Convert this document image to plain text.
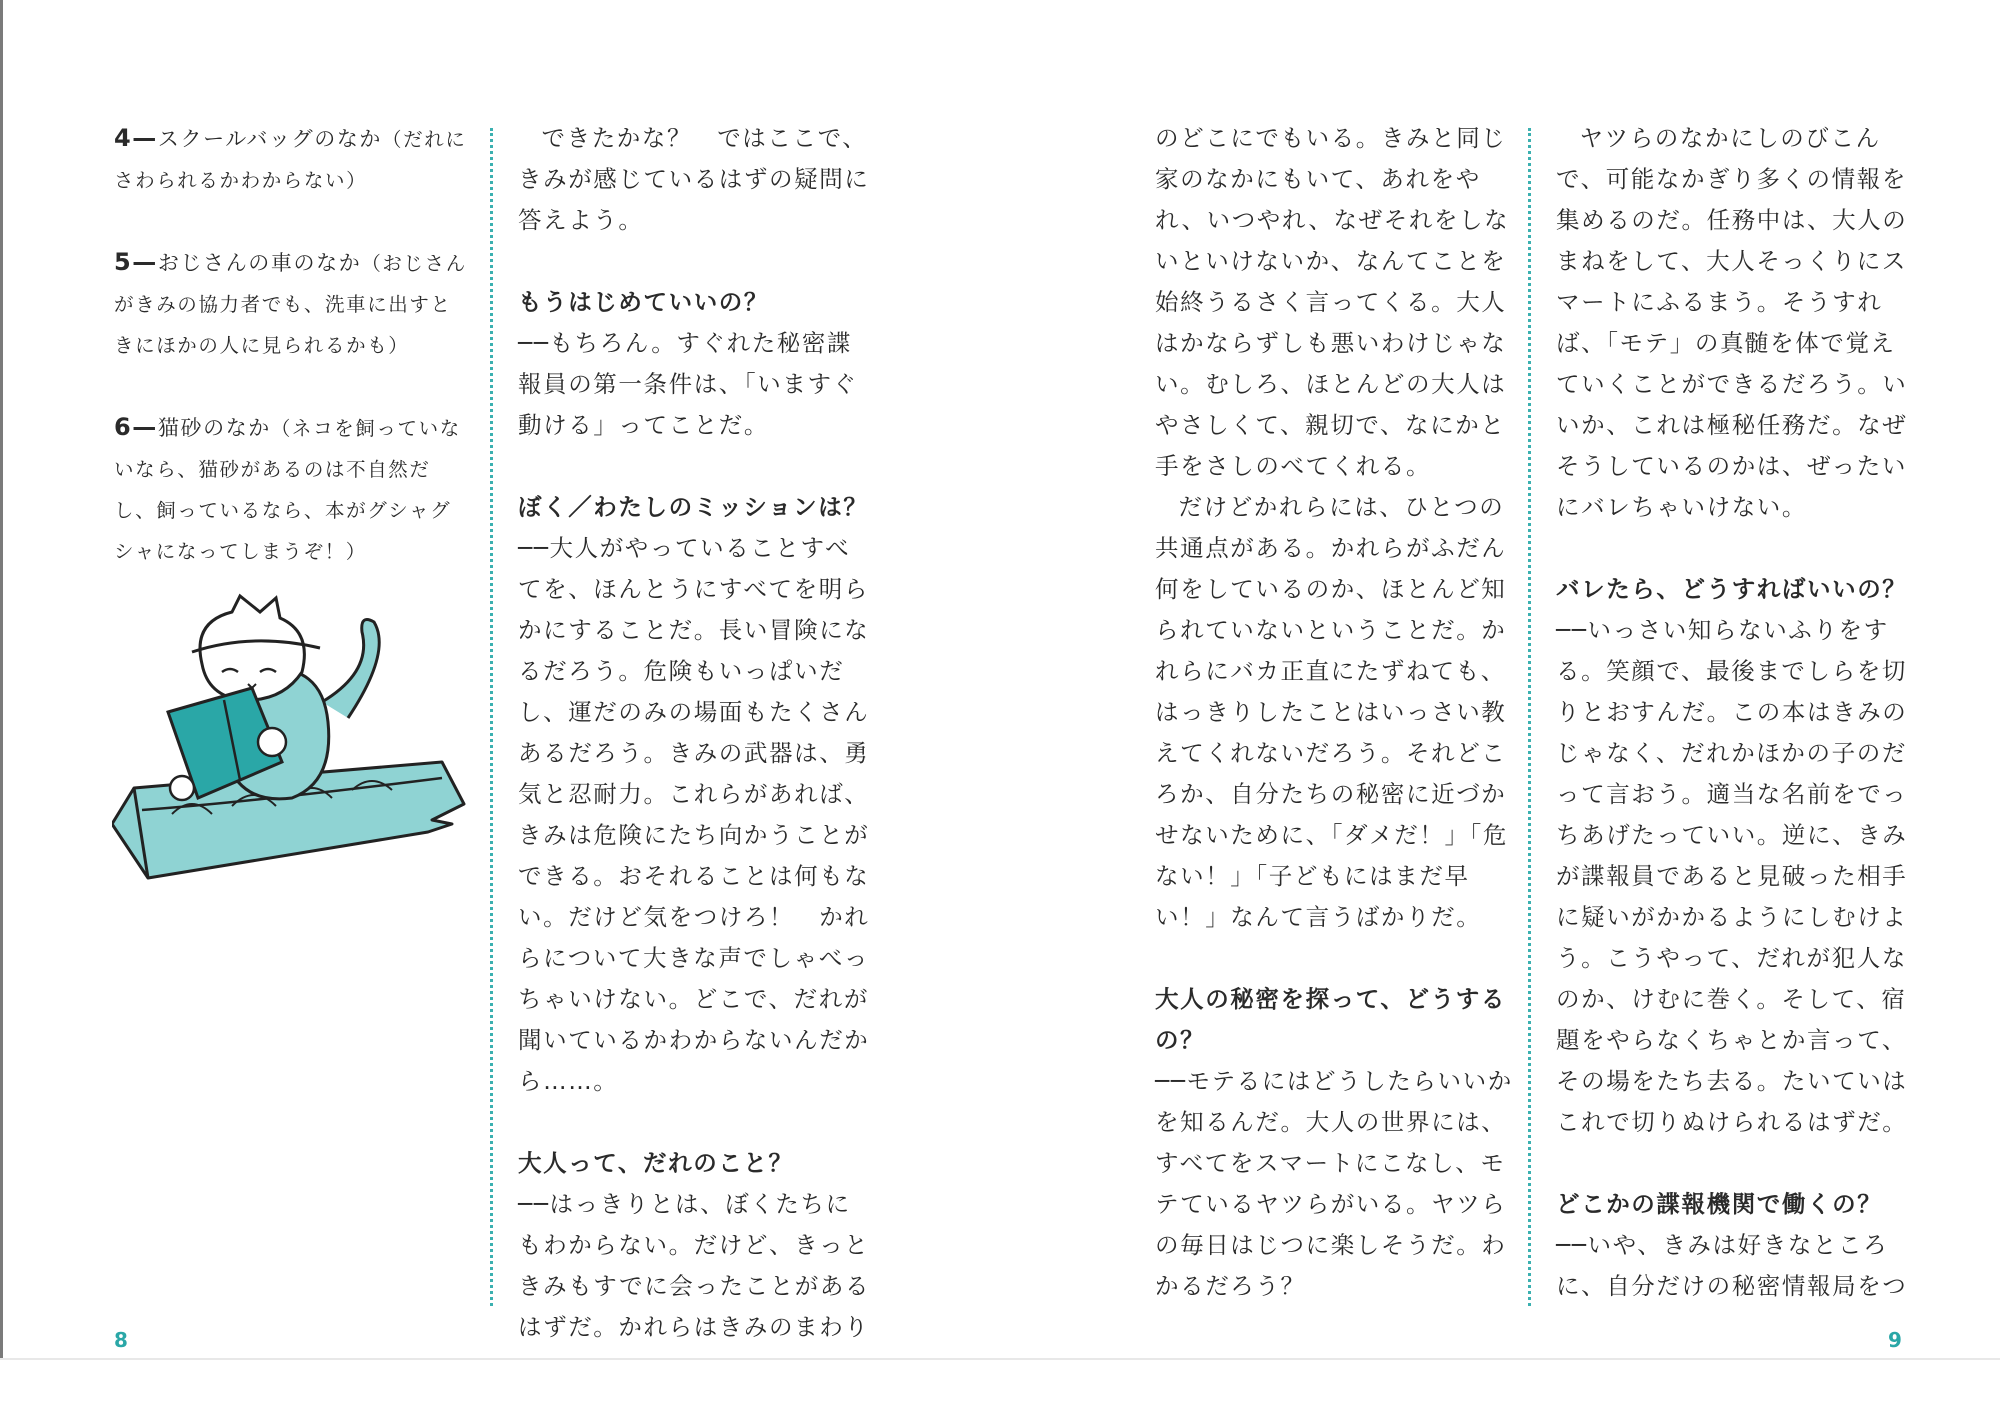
4—スクールバッグのなか（だれにさわられるかわからない）

5—おじさんの車のなか（おじさんがきみの協力者でも、洗車に出すときにほかの人に見られるかも）

6—猫砂のなか（ネコを飼っていないなら、猫砂があるのは不自然だし、飼っているなら、本がグシャグシャになってしまうぞ！）

できたかな？　ではここで、きみが感じているはずの疑問に答えよう。

もうはじめていいの？

──もちろん。すぐれた秘密諜報員の第一条件は、「いますぐ動ける」ってことだ。

ぼく／わたしのミッションは？

──大人がやっていることすべてを、ほんとうにすべてを明らかにすることだ。長い冒険になるだろう。危険もいっぱいだし、運だのみの場面もたくさんあるだろう。きみの武器は、勇気と忍耐力。これらがあれば、きみは危険にたち向かうことができる。おそれることは何もない。だけど気をつけろ！　かれらについて大きな声でしゃべっちゃいけない。どこで、だれが聞いているかわからないんだから……。

大人って、だれのこと？

──はっきりとは、ぼくたちにもわからない。だけど、きっときみもすでに会ったことがあるはずだ。かれらはきみのまわり

8

のどこにでもいる。きみと同じ家のなかにもいて、あれをやれ、いつやれ、なぜそれをしないといけないか、なんてことを始終うるさく言ってくる。大人はかならずしも悪いわけじゃない。むしろ、ほとんどの大人はやさしくて、親切で、なにかと手をさしのべてくれる。

だけどかれらには、ひとつの共通点がある。かれらがふだん何をしているのか、ほとんど知られていないということだ。かれらにバカ正直にたずねても、はっきりしたことはいっさい教えてくれないだろう。それどころか、自分たちの秘密に近づかせないために、「ダメだ！」「危ない！」「子どもにはまだ早い！」なんて言うばかりだ。

大人の秘密を探って、どうするの？

──モテるにはどうしたらいいかを知るんだ。大人の世界には、すべてをスマートにこなし、モテているヤツらがいる。ヤツらの毎日はじつに楽しそうだ。わかるだろう？

ヤツらのなかにしのびこんで、可能なかぎり多くの情報を集めるのだ。任務中は、大人のまねをして、大人そっくりにスマートにふるまう。そうすれば、「モテ」の真髄を体で覚えていくことができるだろう。いいか、これは極秘任務だ。なぜそうしているのかは、ぜったいにバレちゃいけない。

バレたら、どうすればいいの？

──いっさい知らないふりをする。笑顔で、最後までしらを切りとおすんだ。この本はきみのじゃなく、だれかほかの子のだって言おう。適当な名前をでっちあげたっていい。逆に、きみが諜報員であると見破った相手に疑いがかかるようにしむけよう。こうやって、だれが犯人なのか、けむに巻く。そして、宿題をやらなくちゃとか言って、その場をたち去る。たいていはこれで切りぬけられるはずだ。

どこかの諜報機関で働くの？

──いや、きみは好きなところに、自分だけの秘密情報局をつ

9
